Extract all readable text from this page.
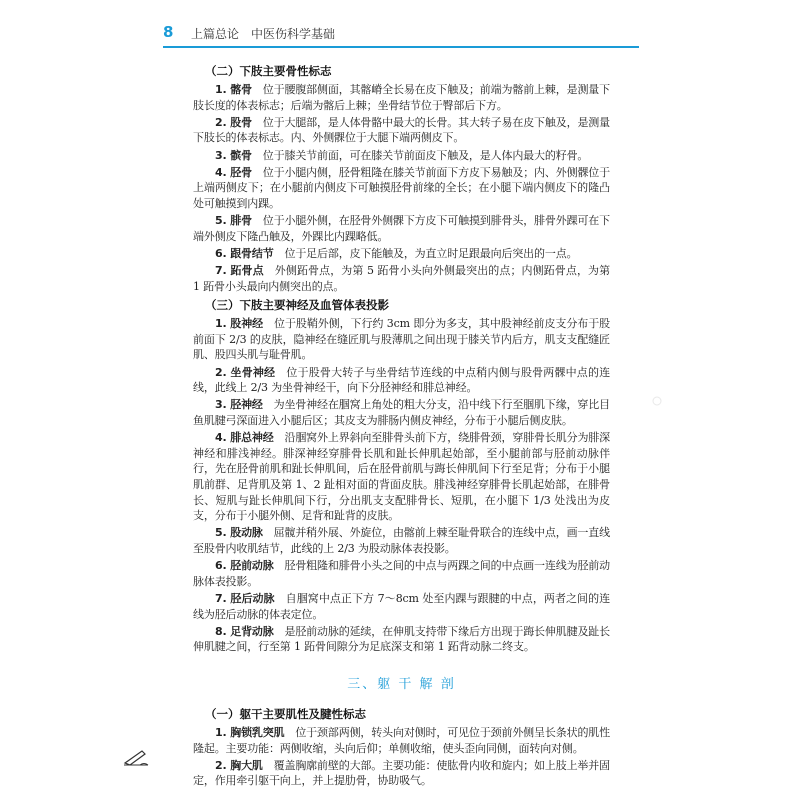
8 上篇总论　中医伤科学基础
（二）下肢主要骨性标志

1. 髂骨　 位于腰腹部侧面，其髂嵴全长易在皮下触及；前端为髂前上棘，是测量下肢长度的体表标志；后端为髂后上棘；坐骨结节位于臀部后下方。

2. 股骨　 位于大腿部，是人体骨骼中最大的长骨。其大转子易在皮下触及，是测量下肢长的体表标志。内、外侧髁位于大腿下端两侧皮下。

3. 髌骨　 位于膝关节前面，可在膝关节前面皮下触及，是人体内最大的籽骨。

4. 胫骨　 位于小腿内侧，胫骨粗隆在膝关节前面下方皮下易触及；内、外侧髁位于上端两侧皮下；在小腿前内侧皮下可触摸胫骨前缘的全长；在小腿下端内侧皮下的隆凸处可触摸到内踝。

5. 腓骨　 位于小腿外侧，在胫骨外侧髁下方皮下可触摸到腓骨头，腓骨外踝可在下端外侧皮下隆凸触及，外踝比内踝略低。

6. 跟骨结节　 位于足后部，皮下能触及，为直立时足跟最向后突出的一点。

7. 跖骨点　 外侧跖骨点，为第 5 跖骨小头向外侧最突出的点；内侧跖骨点，为第 1 跖骨小头最向内侧突出的点。

（三）下肢主要神经及血管体表投影

1. 股神经　 位于股鞘外侧，下行约 3cm 即分为多支，其中股神经前皮支分布于股前面下 2/3 的皮肤，隐神经在缝匠肌与股薄肌之间出现于膝关节内后方，肌支支配缝匠肌、股四头肌与耻骨肌。

2. 坐骨神经　 位于股骨大转子与坐骨结节连线的中点稍内侧与股骨两髁中点的连线，此线上 2/3 为坐骨神经干，向下分胫神经和腓总神经。

3. 胫神经　 为坐骨神经在腘窝上角处的粗大分支，沿中线下行至腘肌下缘，穿比目鱼肌腱弓深面进入小腿后区；其皮支为腓肠内侧皮神经，分布于小腿后侧皮肤。

4. 腓总神经　 沿腘窝外上界斜向至腓骨头前下方，绕腓骨颈，穿腓骨长肌分为腓深神经和腓浅神经。腓深神经穿腓骨长肌和趾长伸肌起始部，至小腿前部与胫前动脉伴行，先在胫骨前肌和趾长伸肌间，后在胫骨前肌与踇长伸肌间下行至足背；分布于小腿肌前群、足背肌及第 1、2 趾相对面的背面皮肤。腓浅神经穿腓骨长肌起始部，在腓骨长、短肌与趾长伸肌间下行，分出肌支支配腓骨长、短肌，在小腿下 1/3 处浅出为皮支，分布于小腿外侧、足背和趾背的皮肤。

5. 股动脉　 屈髋并稍外展、外旋位，由髂前上棘至耻骨联合的连线中点，画一直线至股骨内收肌结节，此线的上 2/3 为股动脉体表投影。

6. 胫前动脉　 胫骨粗隆和腓骨小头之间的中点与两踝之间的中点画一连线为胫前动脉体表投影。

7. 胫后动脉　 自腘窝中点正下方 7～8cm 处至内踝与跟腱的中点，两者之间的连线为胫后动脉的体表定位。

8. 足背动脉　 是胫前动脉的延续，在伸肌支持带下缘后方出现于踇长伸肌腱及趾长伸肌腱之间，行至第 1 跖骨间隙分为足底深支和第 1 跖背动脉二终支。

三、躯 干 解 剖
（一）躯干主要肌性及腱性标志

1. 胸锁乳突肌　 位于颈部两侧，转头向对侧时，可见位于颈前外侧呈长条状的肌性隆起。主要功能：两侧收缩，头向后仰；单侧收缩，使头歪向同侧，面转向对侧。

2. 胸大肌　 覆盖胸廓前壁的大部。主要功能：使肱骨内收和旋内；如上肢上举并固定，作用牵引躯干向上，并上提肋骨，协助吸气。
